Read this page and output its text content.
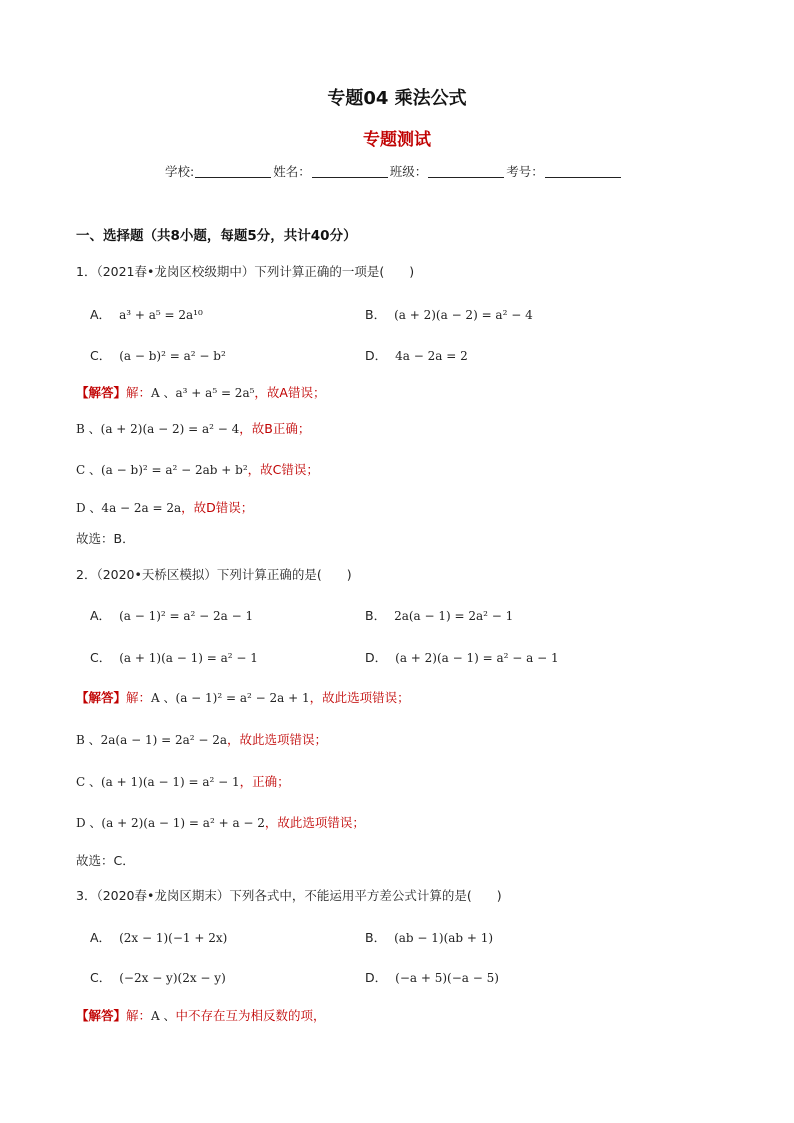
专题04 乘法公式
专题测试
学校:	姓名：	班级：	考号：
一、选择题（共8小题，每题5分，共计40分）
1．（2021春•龙岗区校级期中）下列计算正确的一项是(　　)
A． a³ + a⁵ = 2a¹⁰	B． (a + 2)(a − 2) = a² − 4
C． (a − b)² = a² − b²	D． 4a − 2a = 2
【解答】解：A 、a³ + a⁵ = 2a⁵，故A错误；
B 、(a + 2)(a − 2) = a² − 4，故B正确；
C 、(a − b)² = a² − 2ab + b²，故C错误；
D 、4a − 2a = 2a，故D错误；
故选：B．
2．（2020•天桥区模拟）下列计算正确的是(　　)
A． (a − 1)² = a² − 2a − 1	B． 2a(a − 1) = 2a² − 1
C． (a + 1)(a − 1) = a² − 1	D． (a + 2)(a − 1) = a² − a − 1
【解答】解：A 、(a − 1)² = a² − 2a + 1，故此选项错误；
B 、2a(a − 1) = 2a² − 2a，故此选项错误；
C 、(a + 1)(a − 1) = a² − 1，正确；
D 、(a + 2)(a − 1) = a² + a − 2，故此选项错误；
故选：C．
3．（2020春•龙岗区期末）下列各式中，不能运用平方差公式计算的是(　　)
A． (2x − 1)(−1 + 2x)	B． (ab − 1)(ab + 1)
C． (−2x − y)(2x − y)	D． (−a + 5)(−a − 5)
【解答】解：A 、中不存在互为相反数的项，
